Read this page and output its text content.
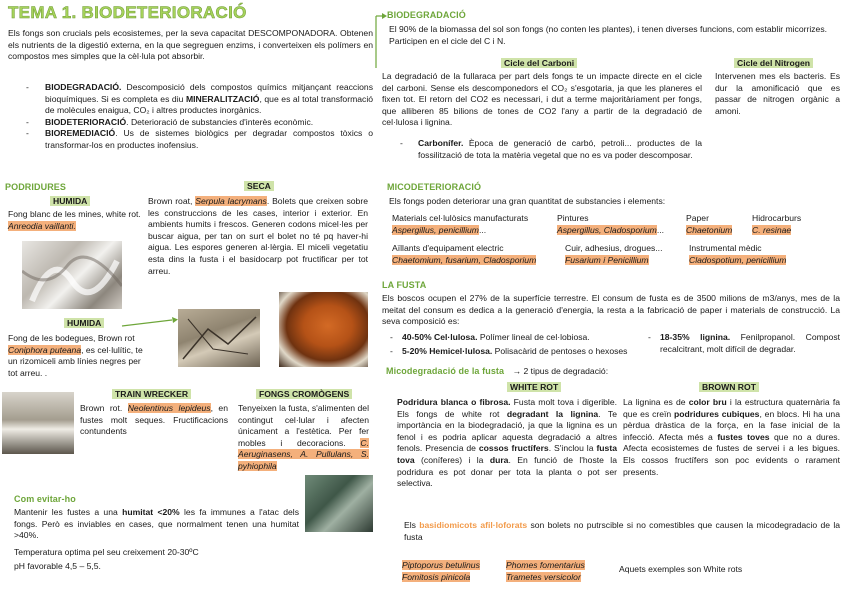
TEMA 1. BIODETERIORACIÓ
Els fongs son crucials pels ecosistemes, per la seva capacitat DESCOMPONADORA. Obtenen els nutrients de la digestió externa, en la que segreguen enzims, i converteixen els polímers en compostos mes simples que la cèl·lula pot absorbir.
- BIODEGRADACIÓ. Descomposició dels compostos químics mitjançant reaccions bioquímiques. Si es completa es diu MINERALITZACIÓ, que es al total transformació de molècules enaigua, CO₂ i altres productes inorgànics.
- BIODETERIORACIÓ. Deterioració de substancies d'interès econòmic.
- BIOREMEDIACIÓ. Us de sistemes biològics per degradar compostos tòxics o transformar-los en productes inofensius.
PODRIDURES
HUMIDA
Fong blanc de les mines, white rot. Anreodia vaillanti.
SECA
Brown roat, Serpula lacrymans. Bolets que creixen sobre les construccions de les cases, interior i exterior. En ambients humits i frescos. Generen codons micel·les per buscar aigua, per tan on surt el bolet no té pq haver-hi aigua. Les espores generen al·lèrgia. El miceli vegetatiu esta dins la fusta i el basidocarp pot fructificar per tot arreu.
HUMIDA
Fong de les bodegues, Brown rot Coniphora puteana, es cel·lulític, te un rizomiceli amb línies negres per tot arreu. .
TRAIN WRECKER
Brown rot. Neolentinus lepideus, en fustes molt seques. Fructificacions contundents
FONGS CROMÒGENS
Tenyeixen la fusta, s'alimenten del contingut cel·lular i afecten únicament a l'estètica. Per fer mobles i decoracions. C. Aeruginasens, A. Pullulans, S. pyhiophila
Com evitar-ho
Mantenir les fustes a una humitat <20% les fa immunes a l'atac dels fongs. Però es inviables en cases, que normalment tenen una humitat >40%.
Temperatura optima pel seu creixement 20-30ºC
pH favorable 4,5 – 5,5.
BIODEGRADACIÓ
El 90% de la biomassa del sol son fongs (no conten les plantes), i tenen diverses funcions, com establir micorrizes. Participen en el cicle del C i N.
Cicle del Carboni
La degradació de la fullaraca per part dels fongs te un impacte directe en el cicle del carboni. Sense els descomponedors el CO₂ s'esgotaria, ja que les planeres el fixen tot. El retorn del CO2 es necessari, i dut a terme majoritàriament per fongs, que alliberen 85 bilions de tones de CO2 l'any a partir de la degradació de cel·lulosa i lignina.
- Carbonífer. Època de generació de carbó, petroli... productes de la fossilització de tota la matèria vegetal que no es va poder descomposar.
Cicle del Nitrogen
Intervenen mes els bacteris. Es dur la amonificació que es passar de nitrogen orgànic a amoni.
MICODETERIORACIÓ
Els fongs poden deteriorar una gran quantitat de substancies i elements:
Materials cel·lulòsics manufacturats
Aspergillus, penicillium...
Pintures
Aspergillus, Cladosporium...
Paper
Chaetonium
Hidrocarburs
C. resinae
Aïllants d'equipament electric
Chaetomium, fusarium, Cladosporium
Cuir, adhesius, drogues...
Fusarium i Penicillium
Instrumental mèdic
Cladospotium, penicillium
LA FUSTA
Els boscos ocupen el 27% de la superfície terrestre. El consum de fusta es de 3500 milions de m3/anys, mes de la meitat del consum es dedica a la generació d'energia, la resta a la fabricació de paper i materials de construcció. La seva composició es:
- 40-50% Cel·lulosa. Polímer lineal de cel·lobiosa.
- 5-20% Hemicel·lulosa. Polisacàrid de pentoses o hexoses
- 18-35% lignina. Fenilpropanol. Compost recalcitrant, molt difícil de degradar.
Micodegradació de la fusta → 2 tipus de degradació:
WHITE ROT
Podridura blanca o fibrosa. Fusta molt tova i digerible. Els fongs de white rot degradant la lignina. Te importància en la biodegradació, ja que la lignina es un fenol i es podria aplicar aquesta degradació a altres fenols. Presencia de cossos fructífers. S'inclou la fusta tova (coníferes) i la dura. En funció de l'hoste la podridura es pot donar per tota la planta o pot ser selectiva.
BROWN ROT
La lignina es de color bru i la estructura quaternària fa que es creïn podridures cubiques, en blocs. Hi ha una pèrdua dràstica de la força, en la fase inicial de la infecció. Afecta més a fustes toves que no a dures. Afecta ecosistemes de fustes de servei i a les bigues. Els cossos fructífers son poc evidents o rarament presents.
Els basidiomicots afil·loforats son bolets no putrscible si no comestibles que causen la micodegradacio de la fusta
Piptoporus betulinus
Fomitosis pinicola
Phomes fomentarius
Trametes versicolor
Aquets exemples son White rots
